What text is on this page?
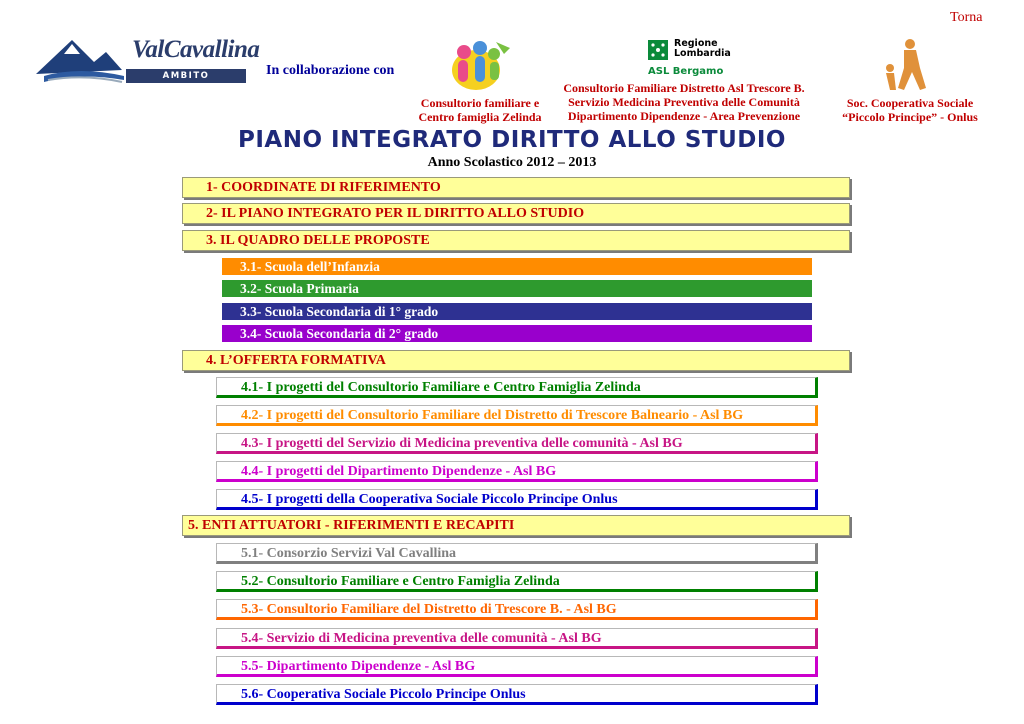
Torna
ValCavallina
AMBITO TERRITORIALE
In collaborazione con
Regione
Lombardia
ASL Bergamo
Consultorio familiare e
Centro famiglia Zelinda
Consultorio Familiare Distretto Asl Trescore B.
Servizio Medicina Preventiva delle Comunità
Dipartimento Dipendenze - Area Prevenzione
Soc. Cooperativa Sociale
“Piccolo Principe” - Onlus
PIANO INTEGRATO DIRITTO ALLO STUDIO
Anno Scolastico 2012 – 2013
1- COORDINATE DI RIFERIMENTO
2- IL PIANO INTEGRATO PER IL DIRITTO ALLO STUDIO
3. IL QUADRO DELLE PROPOSTE
3.1- Scuola dell’Infanzia
3.2- Scuola Primaria
3.3- Scuola Secondaria di 1° grado
3.4- Scuola Secondaria di 2° grado
4. L’OFFERTA FORMATIVA
4.1- I progetti del Consultorio Familiare e Centro Famiglia Zelinda
4.2- I progetti del Consultorio Familiare del Distretto di Trescore Balneario - Asl BG
4.3- I progetti del Servizio di Medicina preventiva delle comunità - Asl BG
4.4- I progetti del Dipartimento Dipendenze - Asl BG
4.5- I progetti della Cooperativa Sociale Piccolo Principe Onlus
5. ENTI ATTUATORI - RIFERIMENTI E RECAPITI
5.1- Consorzio Servizi Val Cavallina
5.2- Consultorio Familiare e Centro Famiglia Zelinda
5.3- Consultorio Familiare del Distretto di Trescore B. - Asl BG
5.4- Servizio di Medicina preventiva delle comunità - Asl BG
5.5- Dipartimento Dipendenze - Asl BG
5.6- Cooperativa Sociale Piccolo Principe Onlus
